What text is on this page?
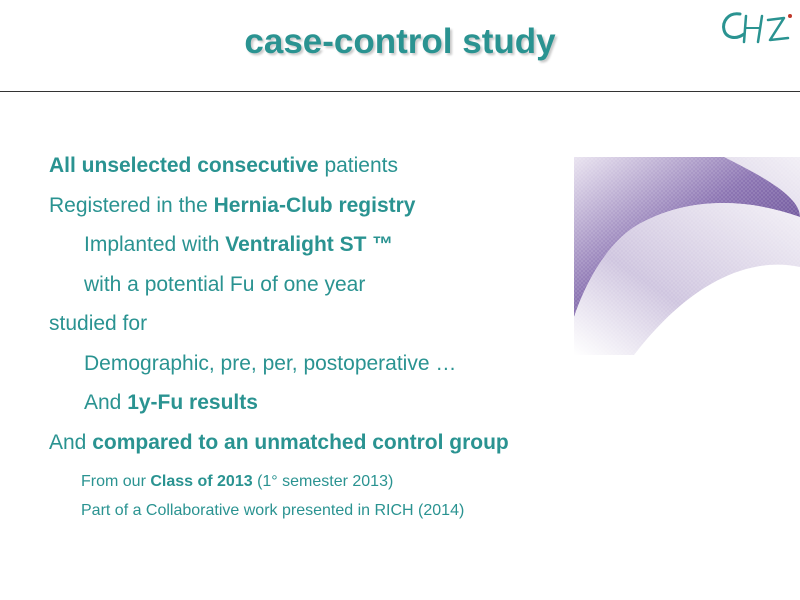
case-control study
All unselected consecutive patients
Registered in the Hernia-Club registry
Implanted with Ventralight ST ™
with a potential Fu of one year
studied for
Demographic, pre, per, postoperative …
And 1y-Fu results
And compared to an unmatched control group
From our Class of 2013 (1° semester 2013)
Part of a Collaborative work presented in RICH (2014)
